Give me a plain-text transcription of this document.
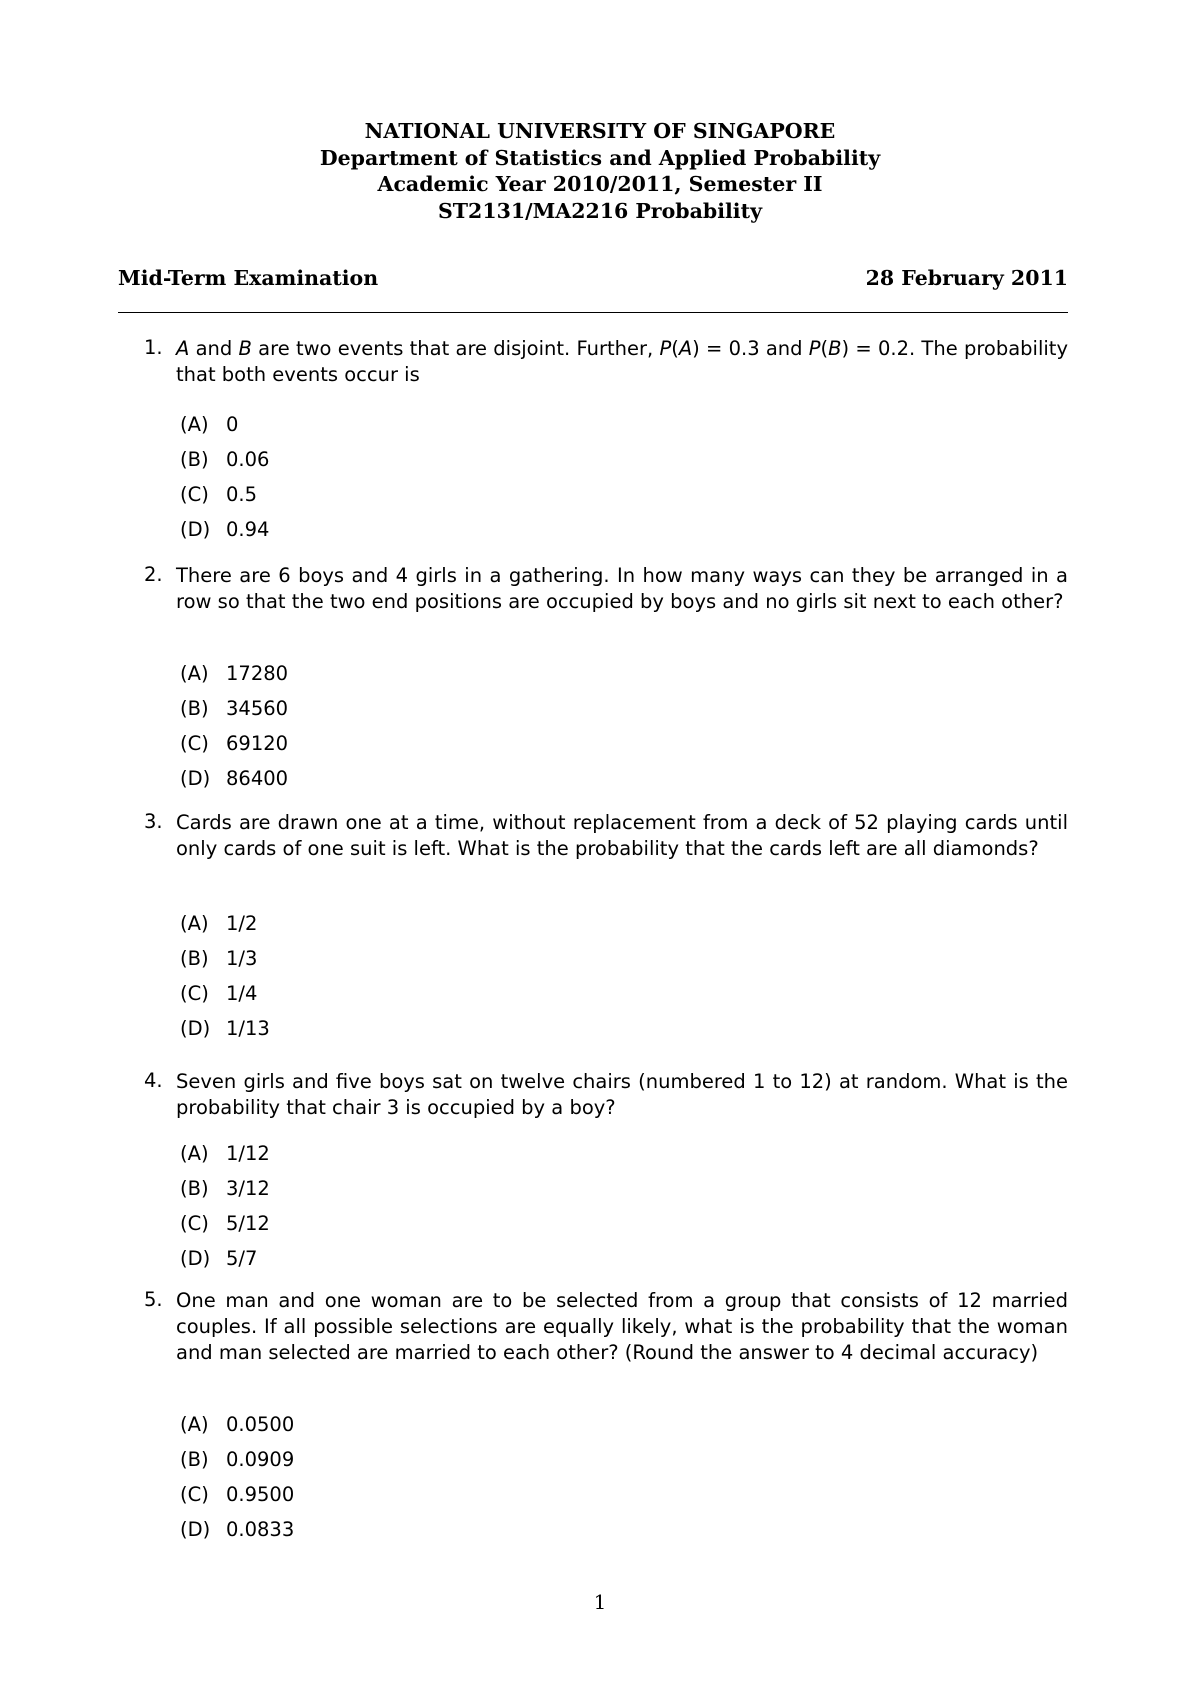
NATIONAL UNIVERSITY OF SINGAPORE
Department of Statistics and Applied Probability
Academic Year 2010/2011, Semester II
ST2131/MA2216 Probability
Mid-Term Examination	28 February 2011
1. A and B are two events that are disjoint. Further, P(A) = 0.3 and P(B) = 0.2. The probability that both events occur is
(A) 0
(B) 0.06
(C) 0.5
(D) 0.94
2. There are 6 boys and 4 girls in a gathering. In how many ways can they be arranged in a row so that the two end positions are occupied by boys and no girls sit next to each other?
(A) 17280
(B) 34560
(C) 69120
(D) 86400
3. Cards are drawn one at a time, without replacement from a deck of 52 playing cards until only cards of one suit is left. What is the probability that the cards left are all diamonds?
(A) 1/2
(B) 1/3
(C) 1/4
(D) 1/13
4. Seven girls and five boys sat on twelve chairs (numbered 1 to 12) at random. What is the probability that chair 3 is occupied by a boy?
(A) 1/12
(B) 3/12
(C) 5/12
(D) 5/7
5. One man and one woman are to be selected from a group that consists of 12 married couples. If all possible selections are equally likely, what is the probability that the woman and man selected are married to each other? (Round the answer to 4 decimal accuracy)
(A) 0.0500
(B) 0.0909
(C) 0.9500
(D) 0.0833
1
